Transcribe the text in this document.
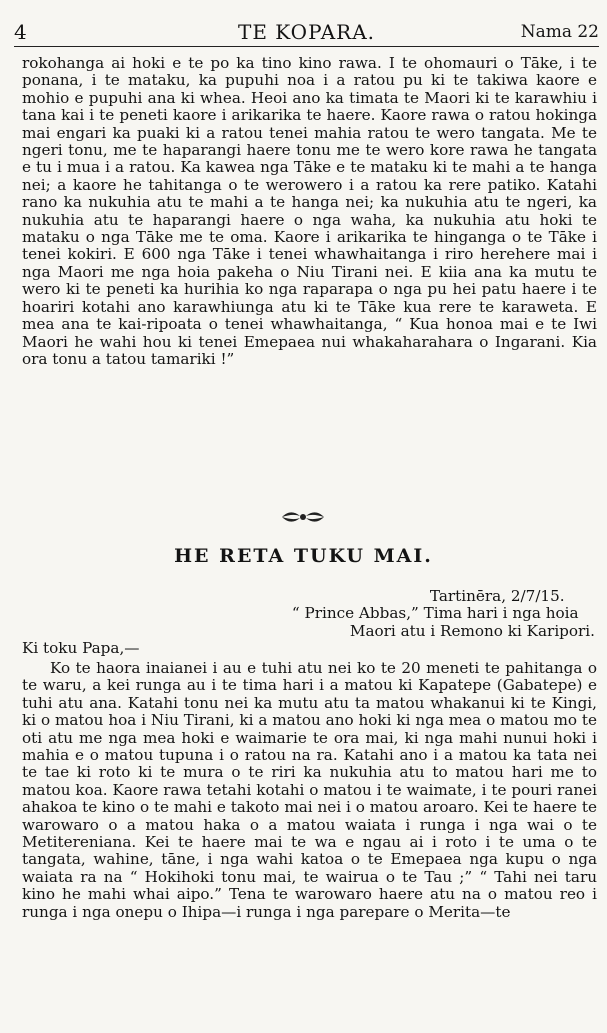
4	TE KOPARA.	Nama 22
rokohanga ai hoki e te po ka tino kino rawa. I te ohomauri o Tāke, i te ponana, i te mataku, ka pupuhi noa i a ratou pu ki te takiwa kaore e mohio e pupuhi ana ki whea. Heoi ano ka timata te Maori ki te karawhiu i tana kai i te peneti kaore i arikarika te haere. Kaore rawa o ratou hokinga mai engari ka puaki ki a ratou tenei mahia ratou te wero tangata. Me te ngeri tonu, me te haparangi haere tonu me te wero kore rawa he tangata e tu i mua i a ratou. Ka kawea nga Tāke e te mataku ki te mahi a te hanga nei; a kaore he tahitanga o te werowero i a ratou ka rere patiko. Katahi rano ka nukuhia atu te mahi a te hanga nei; ka nukuhia atu te ngeri, ka nukuhia atu te haparangi haere o nga waha, ka nukuhia atu hoki te mataku o nga Tāke me te oma. Kaore i arikarika te hinganga o te Tāke i tenei kokiri. E 600 nga Tāke i tenei whawhaitanga i riro herehere mai i nga Maori me nga hoia pakeha o Niu Tirani nei. E kiia ana ka mutu te wero ki te peneti ka hurihia ko nga raparapa o nga pu hei patu haere i te hoariri kotahi ano karawhiunga atu ki te Tāke kua rere te karaweta. E mea ana te kai-ripoata o tenei whawhaitanga, “ Kua honoa mai e te Iwi Maori he wahi hou ki tenei Emepaea nui whakaharahara o Ingarani. Kia ora tonu a tatou tamariki !”
HE RETA TUKU MAI.
Tartinēra, 2/7/15.
“ Prince Abbas,” Tima hari i nga hoia
Maori atu i Remono ki Karipori.
Ki toku Papa,—
Ko te haora inaianei i au e tuhi atu nei ko te 20 meneti te pahitanga o te waru, a kei runga au i te tima hari i a matou ki Kapatepe (Gabatepe) e tuhi atu ana. Katahi tonu nei ka mutu atu ta matou whakanui ki te Kingi, ki o matou hoa i Niu Tirani, ki a matou ano hoki ki nga mea o matou mo te oti atu me nga mea hoki e waimarie te ora mai, ki nga mahi nunui hoki i mahia e o matou tupuna i o ratou na ra. Katahi ano i a matou ka tata nei te tae ki roto ki te mura o te riri ka nukuhia atu to matou hari me to matou koa. Kaore rawa tetahi kotahi o matou i te waimate, i te pouri ranei ahakoa te kino o te mahi e takoto mai nei i o matou aroaro. Kei te haere te warowaro o a matou haka o a matou waiata i runga i nga wai o te Metitereniana. Kei te haere mai te wa e ngau ai i roto i te uma o te tangata, wahine, tāne, i nga wahi katoa o te Emepaea nga kupu o nga waiata ra na “ Hokihoki tonu mai, te wairua o te Tau ;” “ Tahi nei taru kino he mahi whai aipo.” Tena te warowaro haere atu na o matou reo i runga i nga onepu o Ihipa—i runga i nga parepare o Merita—te
